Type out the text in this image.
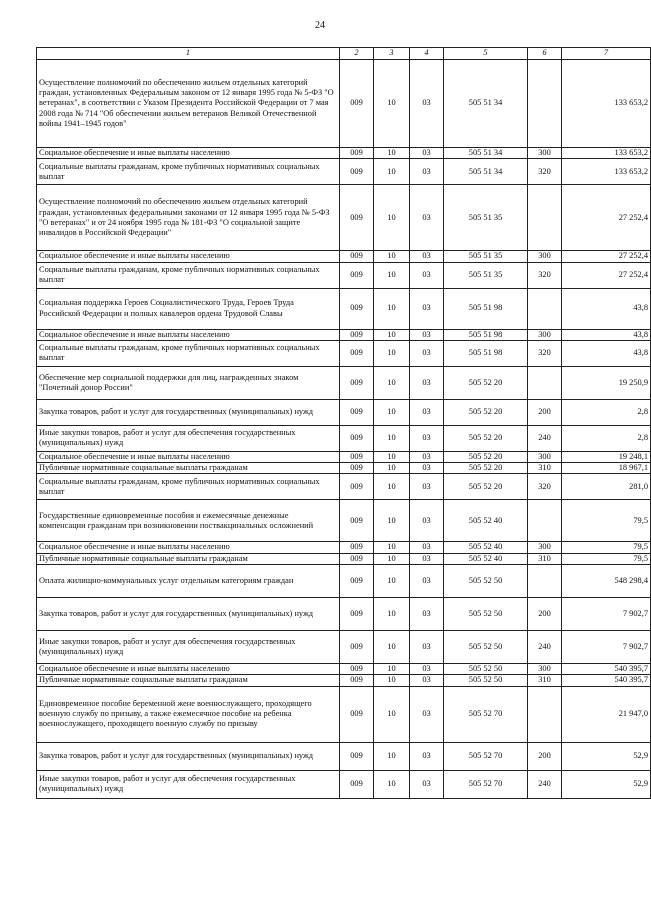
24
1	2	3	4	5	6	7
Осуществление полномочий по обеспечению жильем отдельных категорий граждан, установленных Федеральным законом от 12 января 1995 года № 5-ФЗ "О ветеранах", в соответствии с Указом Президента Российской Федерации от 7 мая 2008 года № 714 "Об обеспечении жильем ветеранов Великой Отечественной войны 1941–1945 годов"	009	10	03	505 51 34		133 653,2
Социальное обеспечение и иные выплаты населению	009	10	03	505 51 34	300	133 653,2
Социальные выплаты гражданам, кроме публичных нормативных социальных выплат	009	10	03	505 51 34	320	133 653,2
Осуществление полномочий по обеспечению жильем отдельных категорий граждан, установленных федеральными законами от 12 января 1995 года № 5-ФЗ "О ветеранах" и от 24 ноября 1995 года № 181-ФЗ "О социальной защите инвалидов в Российской Федерации"	009	10	03	505 51 35		27 252,4
Социальное обеспечение и иные выплаты населению	009	10	03	505 51 35	300	27 252,4
Социальные выплаты гражданам, кроме публичных нормативных социальных выплат	009	10	03	505 51 35	320	27 252,4
Социальная поддержка Героев Социалистического Труда, Героев Труда Российской Федерации и полных кавалеров ордена Трудовой Славы	009	10	03	505 51 98		43,8
Социальное обеспечение и иные выплаты населению	009	10	03	505 51 98	300	43,8
Социальные выплаты гражданам, кроме публичных нормативных социальных выплат	009	10	03	505 51 98	320	43,8
Обеспечение мер социальной поддержки для лиц, награжденных знаком "Почетный донор России"	009	10	03	505 52 20		19 250,9
Закупка товаров, работ и услуг для государственных (муниципальных) нужд	009	10	03	505 52 20	200	2,8
Иные закупки товаров, работ и услуг для обеспечения государственных (муниципальных) нужд	009	10	03	505 52 20	240	2,8
Социальное обеспечение и иные выплаты населению	009	10	03	505 52 20	300	19 248,1
Публичные нормативные социальные выплаты гражданам	009	10	03	505 52 20	310	18 967,1
Социальные выплаты гражданам, кроме публичных нормативных социальных выплат	009	10	03	505 52 20	320	281,0
Государственные единовременные пособия и ежемесячные денежные компенсации гражданам при возникновении поствакцинальных осложнений	009	10	03	505 52 40		79,5
Социальное обеспечение и иные выплаты населению	009	10	03	505 52 40	300	79,5
Публичные нормативные социальные выплаты гражданам	009	10	03	505 52 40	310	79,5
Оплата жилищно-коммунальных услуг отдельным категориям граждан	009	10	03	505 52 50		548 298,4
Закупка товаров, работ и услуг для государственных (муниципальных) нужд	009	10	03	505 52 50	200	7 902,7
Иные закупки товаров, работ и услуг для обеспечения государственных (муниципальных) нужд	009	10	03	505 52 50	240	7 902,7
Социальное обеспечение и иные выплаты населению	009	10	03	505 52 50	300	540 395,7
Публичные нормативные социальные выплаты гражданам	009	10	03	505 52 50	310	540 395,7
Единовременное пособие беременной жене военнослужащего, проходящего военную службу по призыву, а также ежемесячное пособие на ребенка военнослужащего, проходящего военную службу по призыву	009	10	03	505 52 70		21 947,0
Закупка товаров, работ и услуг для государственных (муниципальных) нужд	009	10	03	505 52 70	200	52,9
Иные закупки товаров, работ и услуг для обеспечения государственных (муниципальных) нужд	009	10	03	505 52 70	240	52,9
